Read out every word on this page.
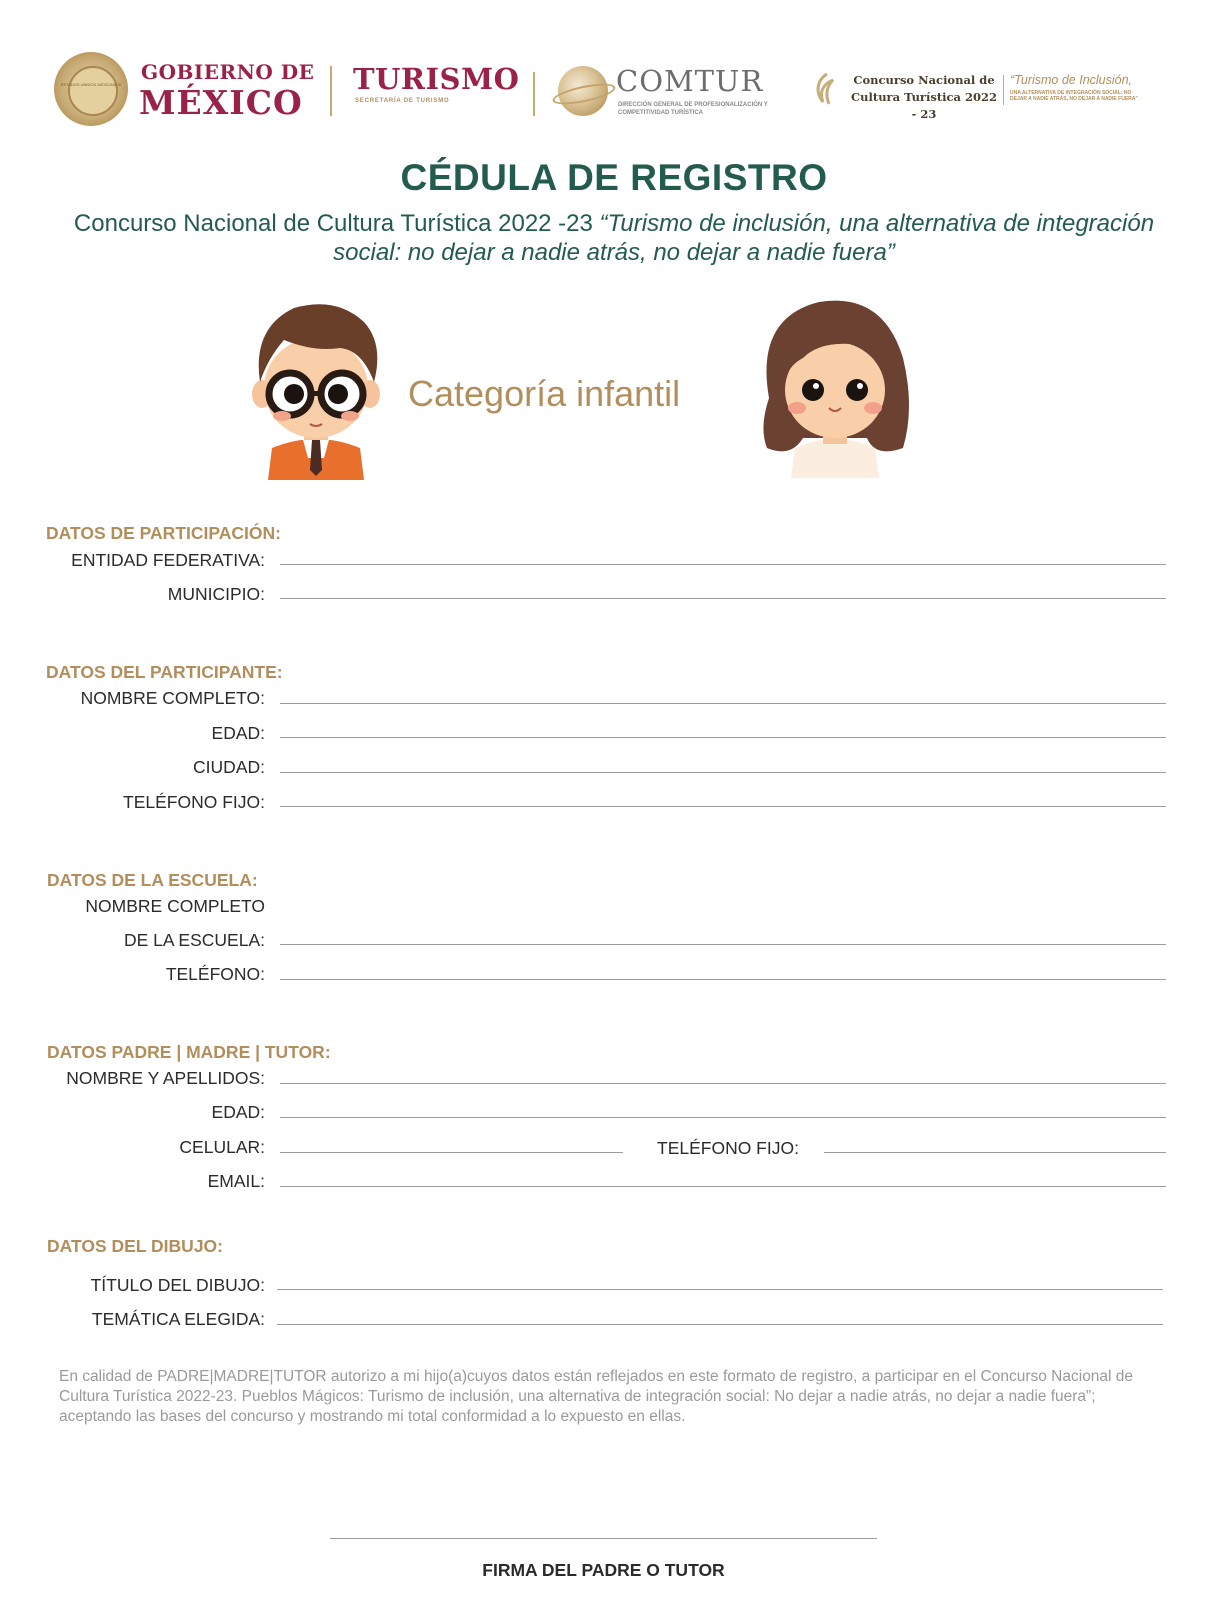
ESTADOS UNIDOS MEXICANOS
GOBIERNO DE
MÉXICO
TURISMO
SECRETARÍA DE TURISMO
COMTUR
DIRECCIÓN GENERAL DE PROFESIONALIZACIÓN Y COMPETITIVIDAD TURÍSTICA
Concurso Nacional de
Cultura Turística 2022 - 23
“Turismo de Inclusión,
UNA ALTERNATIVA DE INTEGRACIÓN SOCIAL: NO DEJAR A NADIE ATRÁS, NO DEJAR A NADIE FUERA”
CÉDULA DE REGISTRO
Concurso Nacional de Cultura Turística 2022 -23 “Turismo de inclusión, una alternativa de integración social: no dejar a nadie atrás, no dejar a nadie fuera”
Categoría infantil
DATOS DE PARTICIPACIÓN:
ENTIDAD FEDERATIVA:
MUNICIPIO:
DATOS DEL PARTICIPANTE:
NOMBRE COMPLETO:
EDAD:
CIUDAD:
TELÉFONO FIJO:
DATOS DE LA ESCUELA:
NOMBRE COMPLETO
DE LA ESCUELA:
TELÉFONO:
DATOS PADRE | MADRE | TUTOR:
NOMBRE Y APELLIDOS:
EDAD:
CELULAR:	TELÉFONO FIJO:
EMAIL:
DATOS DEL DIBUJO:
TÍTULO DEL DIBUJO:
TEMÁTICA ELEGIDA:
En calidad de PADRE|MADRE|TUTOR autorizo a mi hijo(a)cuyos datos están reflejados en este formato de registro, a participar en el Concurso Nacional de Cultura Turística 2022-23. Pueblos Mágicos: Turismo de inclusión, una alternativa de integración social: No dejar a nadie atrás, no dejar a nadie fuera”; aceptando las bases del concurso y mostrando mi total conformidad a lo expuesto en ellas.
FIRMA DEL PADRE O TUTOR
